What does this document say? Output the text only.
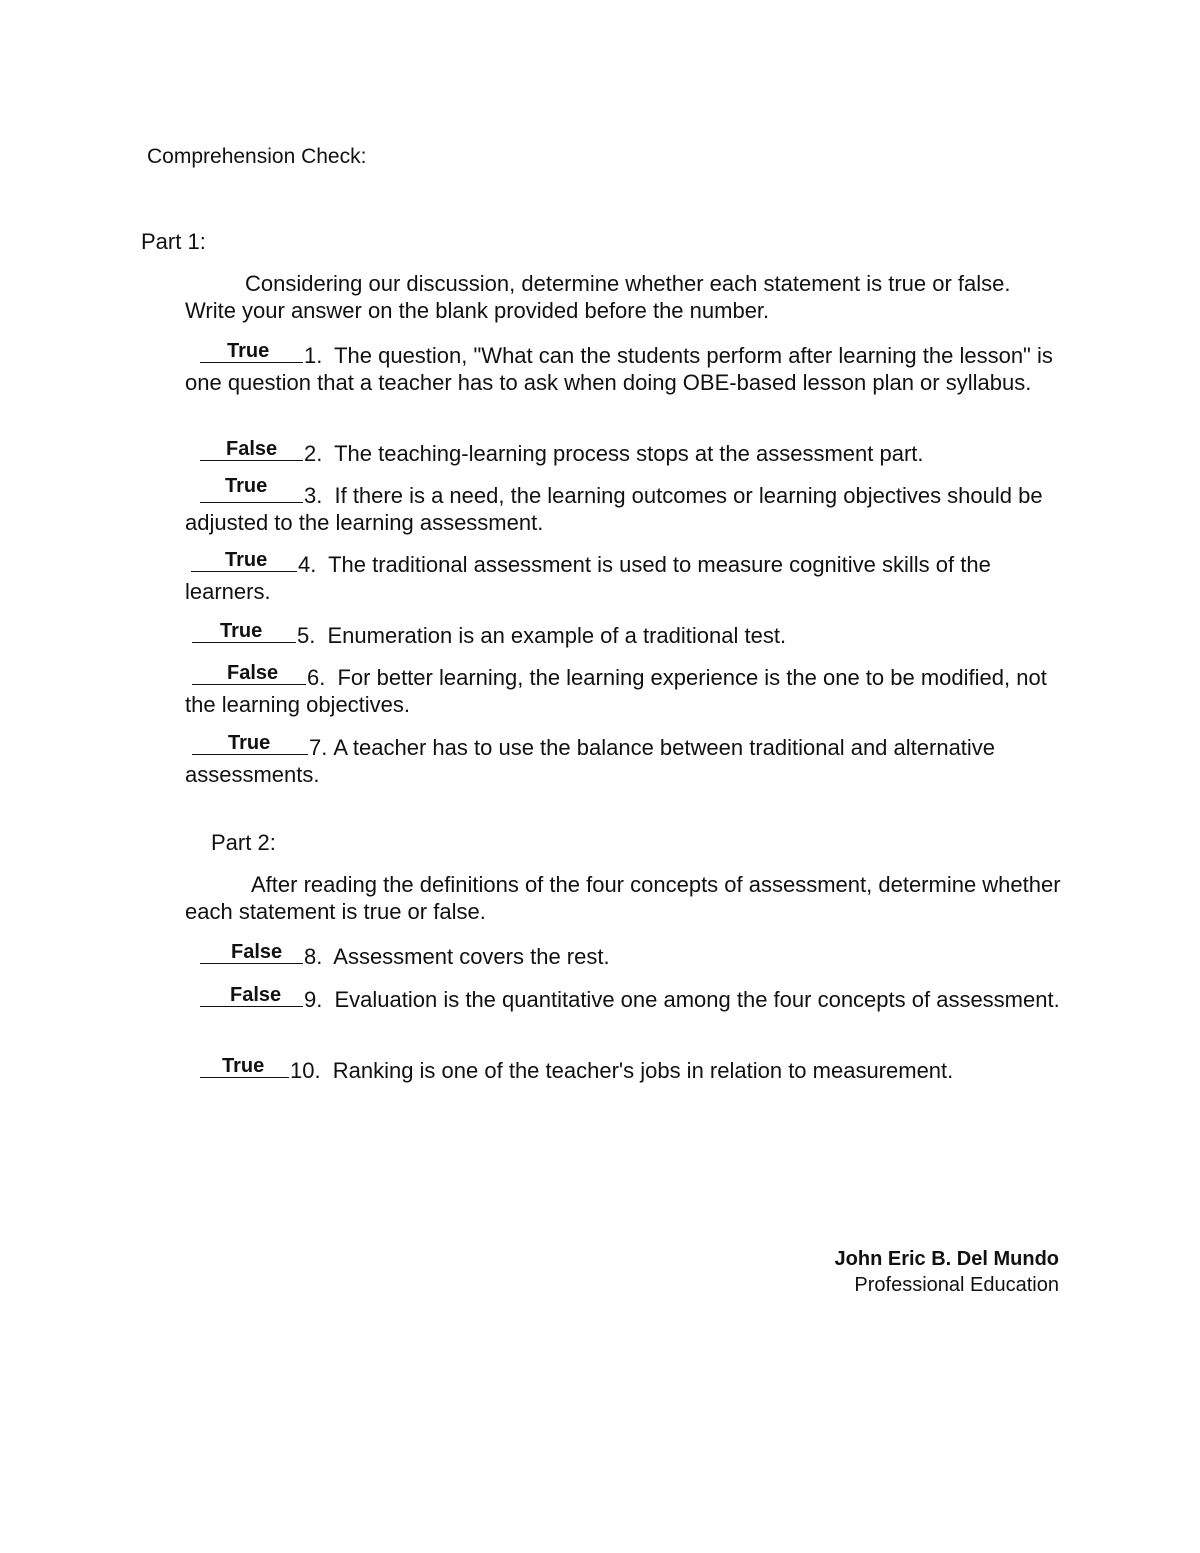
Comprehension Check:
Part 1:
Considering our discussion, determine whether each statement is true or false. Write your answer on the blank provided before the number.
True 1. The question, "What can the students perform after learning the lesson" is one question that a teacher has to ask when doing OBE-based lesson plan or syllabus.
False 2. The teaching-learning process stops at the assessment part.
True 3. If there is a need, the learning outcomes or learning objectives should be adjusted to the learning assessment.
True 4. The traditional assessment is used to measure cognitive skills of the learners.
True 5. Enumeration is an example of a traditional test.
False 6. For better learning, the learning experience is the one to be modified, not the learning objectives.
True 7. A teacher has to use the balance between traditional and alternative assessments.
Part 2:
After reading the definitions of the four concepts of assessment, determine whether each statement is true or false.
False 8. Assessment covers the rest.
False 9. Evaluation is the quantitative one among the four concepts of assessment.
True 10. Ranking is one of the teacher's jobs in relation to measurement.
John Eric B. Del Mundo
Professional Education
